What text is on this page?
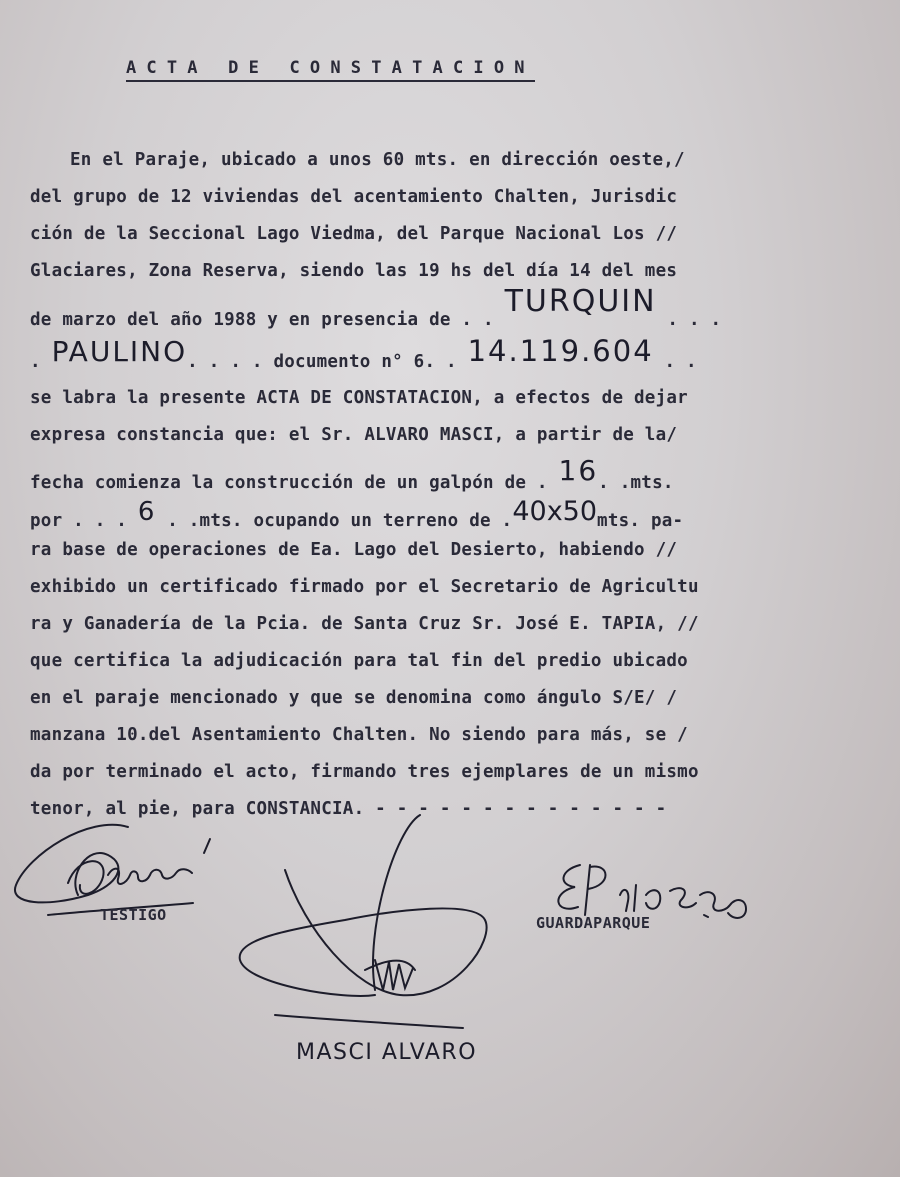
ACTA DE CONSTATACION
En el Paraje, ubicado a unos 60 mts. en dirección oeste,/
del grupo de 12 viviendas del acentamiento Chalten, Jurisdic
ción de la Seccional Lago Viedma, del Parque Nacional Los //
Glaciares, Zona Reserva, siendo las 19 hs del día 14 del mes
de marzo del año 1988 y en presencia de . . TURQUIN . . .
. PAULINO. . . . documento n° 6. . 14.119.604 . .
se labra la presente ACTA DE CONSTATACION, a efectos de dejar
expresa constancia que: el Sr. ALVARO MASCI, a partir de la/
fecha comienza la construcción de un galpón de . 16. .mts.
por . . . 6 . .mts. ocupando un terreno de .40x50mts. pa-
ra base de operaciones de Ea. Lago del Desierto, habiendo //
exhibido un certificado firmado por el Secretario de Agricultu
ra y Ganadería de la Pcia. de Santa Cruz Sr. José E. TAPIA, //
que certifica la adjudicación para tal fin del predio ubicado
en el paraje mencionado y que se denomina como ángulo S/E/ /
manzana 10.del Asentamiento Chalten. No siendo para más, se /
da por terminado el acto, firmando tres ejemplares de un mismo
tenor, al pie, para CONSTANCIA. - - - - - - - - - - - - - -
TESTIGO
MASCI ALVARO
GUARDAPARQUE
